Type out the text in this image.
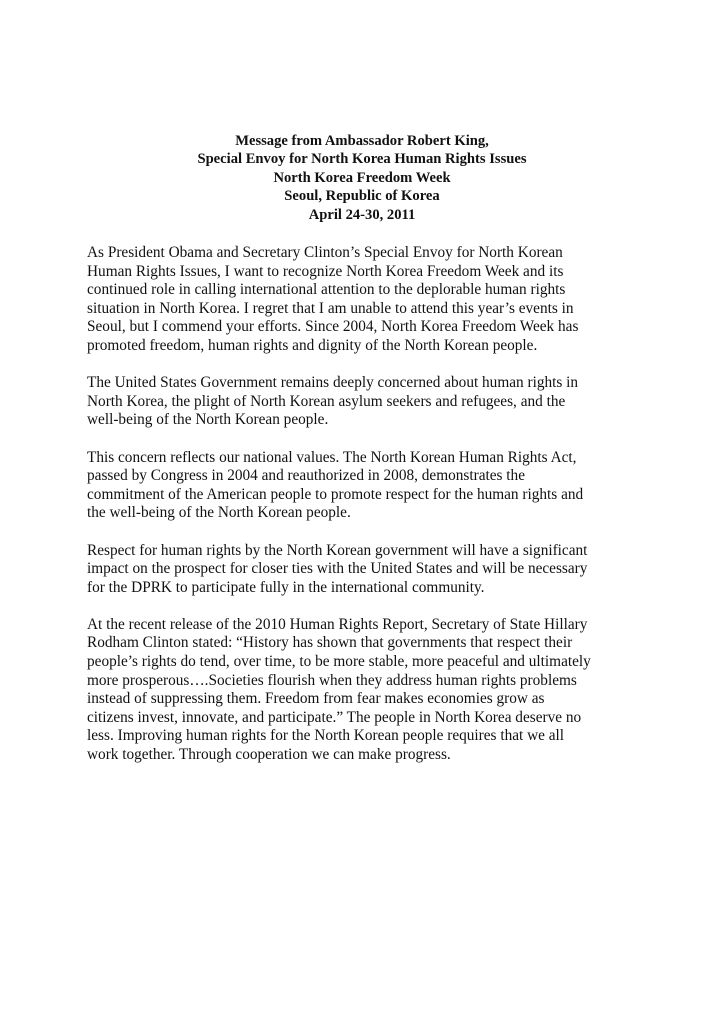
Message from Ambassador Robert King,
Special Envoy for North Korea Human Rights Issues
North Korea Freedom Week
Seoul, Republic of Korea
April 24-30, 2011

As President Obama and Secretary Clinton’s Special Envoy for North Korean
Human Rights Issues, I want to recognize North Korea Freedom Week and its
continued role in calling international attention to the deplorable human rights
situation in North Korea. I regret that I am unable to attend this year’s events in
Seoul, but I commend your efforts. Since 2004, North Korea Freedom Week has
promoted freedom, human rights and dignity of the North Korean people.

The United States Government remains deeply concerned about human rights in
North Korea, the plight of North Korean asylum seekers and refugees, and the
well-being of the North Korean people.

This concern reflects our national values. The North Korean Human Rights Act,
passed by Congress in 2004 and reauthorized in 2008, demonstrates the
commitment of the American people to promote respect for the human rights and
the well-being of the North Korean people.

Respect for human rights by the North Korean government will have a significant
impact on the prospect for closer ties with the United States and will be necessary
for the DPRK to participate fully in the international community.

At the recent release of the 2010 Human Rights Report, Secretary of State Hillary
Rodham Clinton stated: “History has shown that governments that respect their
people’s rights do tend, over time, to be more stable, more peaceful and ultimately
more prosperous….Societies flourish when they address human rights problems
instead of suppressing them. Freedom from fear makes economies grow as
citizens invest, innovate, and participate.” The people in North Korea deserve no
less. Improving human rights for the North Korean people requires that we all
work together. Through cooperation we can make progress.
